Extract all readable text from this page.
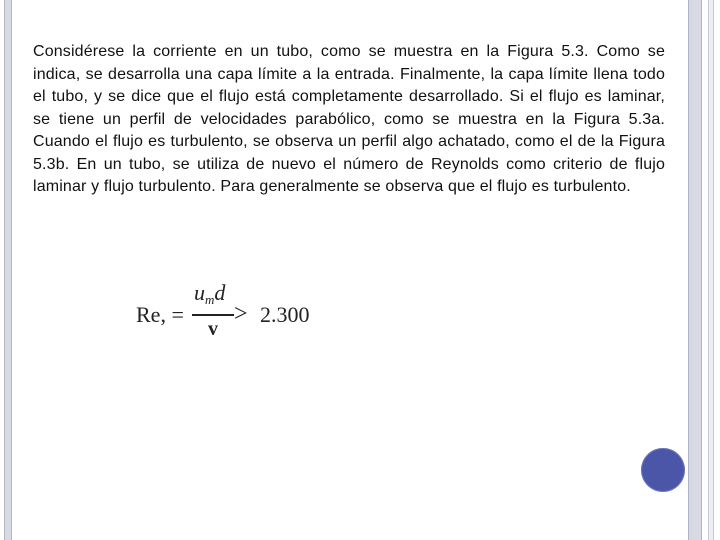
Considérese la corriente en un tubo, como se muestra en la Figura 5.3. Como se indica, se desarrolla una capa límite a la entrada. Finalmente, la capa límite llena todo el tubo, y se dice que el flujo está completamente desarrollado. Si el flujo es laminar, se tiene un perfil de velocidades parabólico, como se muestra en la Figura 5.3a. Cuando el flujo es turbulento, se observa un perfil algo achatado, como el de la Figura 5.3b. En un tubo, se utiliza de nuevo el número de Reynolds como criterio de flujo laminar y flujo turbulento. Para generalmente se observa que el flujo es turbulento.

Re, =
$u_md$
v
> 2.300
